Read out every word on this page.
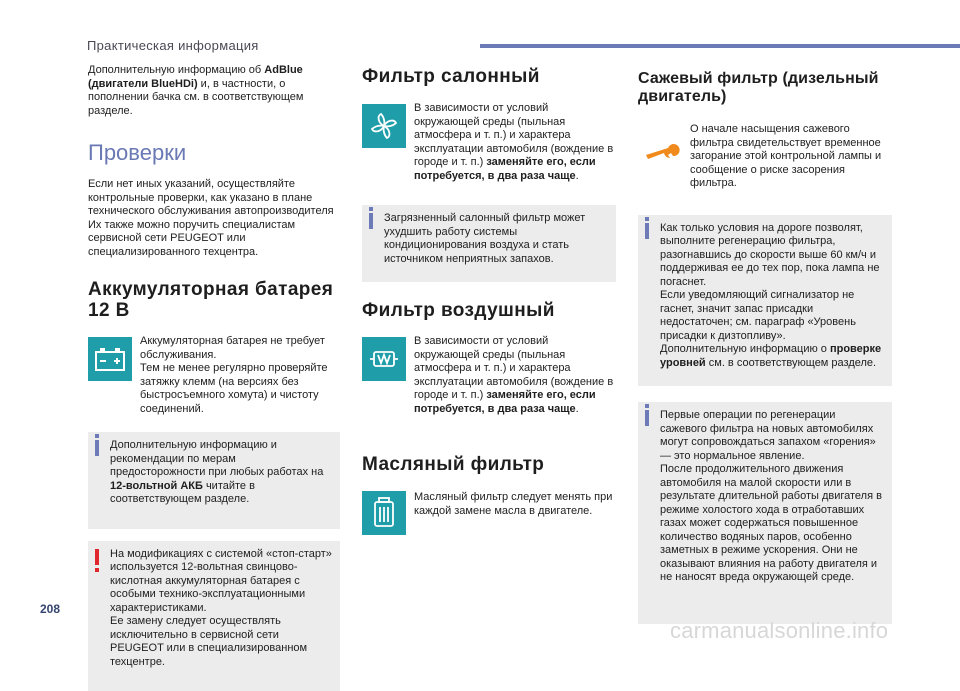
Практическая информация

Дополнительную информацию об AdBlue (двигатели BlueHDi) и, в частности, о пополнении бачка см. в соответствующем разделе.

Проверки

Если нет иных указаний, осуществляйте контрольные проверки, как указано в плане технического обслуживания автопроизводителя

Их также можно поручить специалистам сервисной сети PEUGEOT или специализированного техцентра.

Аккумуляторная батарея
12 В
Аккумуляторная батарея не требует обслуживания.
Тем не менее регулярно проверяйте затяжку клемм (на версиях без быстросъемного хомута) и чистоту соединений.

Дополнительную информацию и рекомендации по мерам предосторожности при любых работах на 12-вольтной АКБ читайте в соответствующем разделе.

На модификациях с системой «стоп-старт» используется 12-вольтная свинцово-кислотная аккумуляторная батарея с особыми технико-эксплуатационными характеристиками.

Ее замену следует осуществлять исключительно в сервисной сети PEUGEOT или в специализированном техцентре.

Фильтр салонный
В зависимости от условий окружающей среды (пыльная атмосфера и т. п.) и характера эксплуатации автомобиля (вождение в городе и т. п.) заменяйте его, если потребуется, в два раза чаще.

Загрязненный салонный фильтр может ухудшить работу системы кондиционирования воздуха и стать источником неприятных запахов.

Фильтр воздушный
В зависимости от условий окружающей среды (пыльная атмосфера и т. п.) и характера эксплуатации автомобиля (вождение в городе и т. п.) заменяйте его, если потребуется, в два раза чаще.
Масляный фильтр
Масляный фильтр следует менять при каждой замене масла в двигателе.
Сажевый фильтр (дизельный двигатель)
О начале насыщения сажевого фильтра свидетельствует временное загорание этой контрольной лампы и сообщение о риске засорения фильтра.

Как только условия на дороге позволят, выполните регенерацию фильтра, разогнавшись до скорости выше 60 км/ч и поддерживая ее до тех пор, пока лампа не погаснет.

Если уведомляющий сигнализатор не гаснет, значит запас присадки недостаточен; см. параграф «Уровень присадки к дизтопливу».

Дополнительную информацию о проверке уровней см. в соответствующем разделе.

Первые операции по регенерации сажевого фильтра на новых автомобилях могут сопровождаться запахом «горения» — это нормальное явление.

После продолжительного движения автомобиля на малой скорости или в результате длительной работы двигателя в режиме холостого хода в отработавших газах может содержаться повышенное количество водяных паров, особенно заметных в режиме ускорения. Они не оказывают влияния на работу двигателя и не наносят вреда окружающей среде.

208
carmanualsonline.info
